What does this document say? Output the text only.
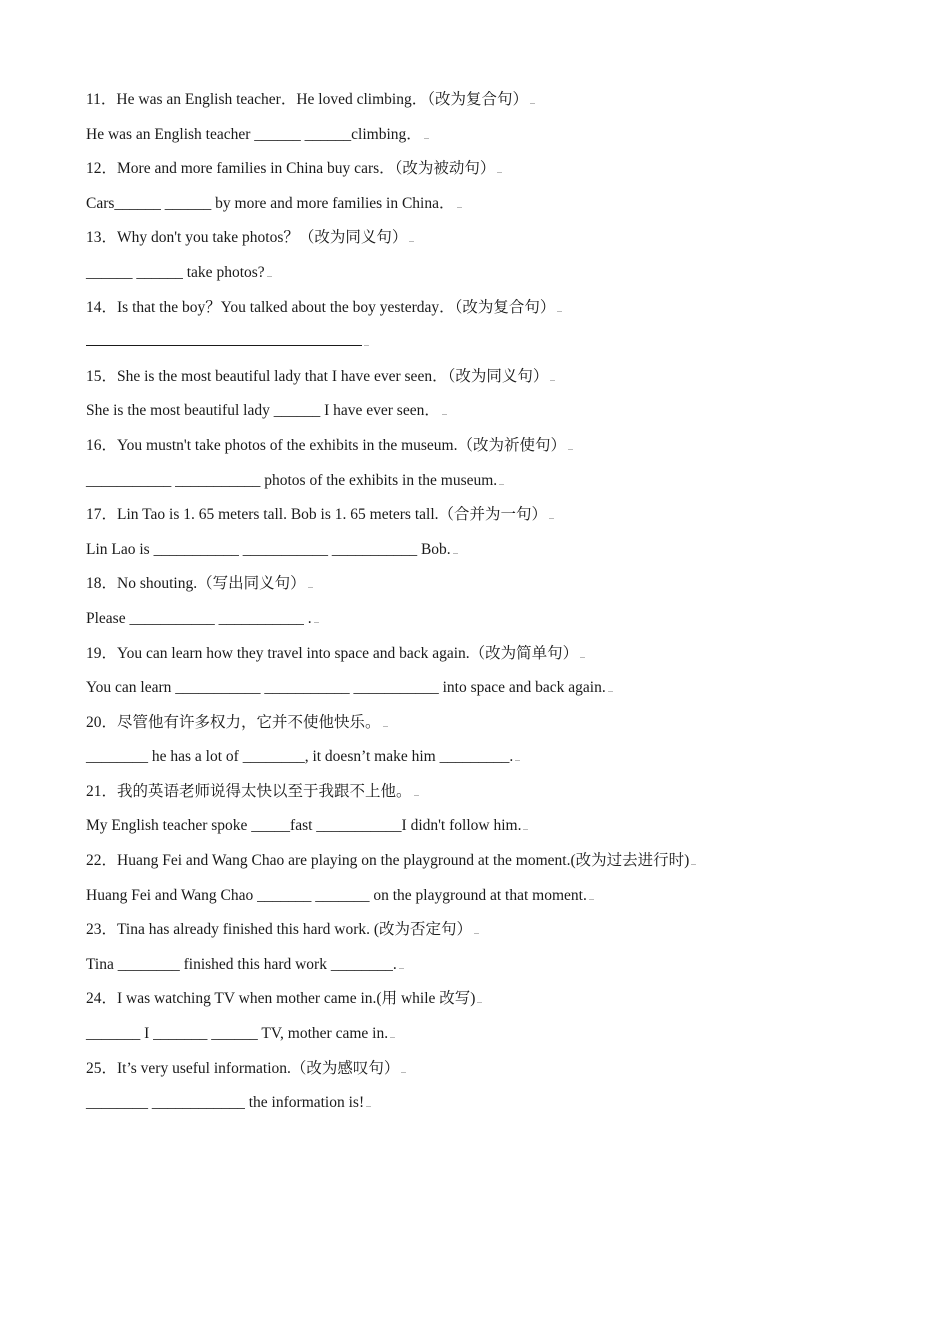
11．He was an English teacher．He loved climbing．（改为复合句）
He was an English teacher ______ ______climbing．
12．More and more families in China buy cars．（改为被动句）
Cars______ ______ by more and more families in China．
13．Why don't you take photos？（改为同义句）
______ ______ take photos?
14．Is that the boy？You talked about the boy yesterday．（改为复合句）
15．She is the most beautiful lady that I have ever seen．（改为同义句）
She is the most beautiful lady ______ I have ever seen．
16．You mustn't take photos of the exhibits in the museum.（改为祈使句）
___________ ___________ photos of the exhibits in the museum.
17．Lin Tao is 1. 65 meters tall. Bob is 1. 65 meters tall.（合并为一句）
Lin Lao is ___________ ___________ ___________ Bob.
18．No shouting.（写出同义句）
Please ___________ ___________ .
19．You can learn how they travel into space and back again.（改为简单句）
You can learn ___________ ___________ ___________ into space and back again.
20．尽管他有许多权力，它并不使他快乐。
________ he has a lot of ________, it doesn’t make him _________.
21．我的英语老师说得太快以至于我跟不上他。
My English teacher spoke _____fast ___________I didn't follow him.
22．Huang Fei and Wang Chao are playing on the playground at the moment.(改为过去进行时)
Huang Fei and Wang Chao _______ _______ on the playground at that moment.
23．Tina has already finished this hard work. (改为否定句）
Tina ________ finished this hard work ________.
24．I was watching TV when mother came in.(用 while 改写)
_______ I _______ ______ TV, mother came in.
25．It’s very useful information.（改为感叹句）
________ ____________ the information is!
